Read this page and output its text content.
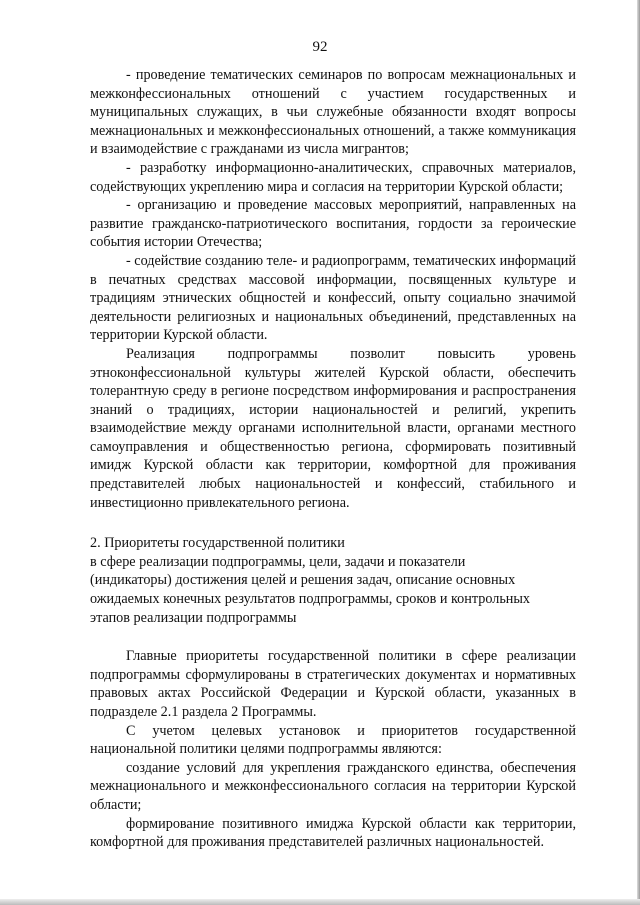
92

- проведение тематических семинаров по вопросам межнациональных и межконфессиональных отношений с участием государственных и муниципальных служащих, в чьи служебные обязанности входят вопросы межнациональных и межконфессиональных отношений, а также коммуникация и взаимодействие с гражданами из числа мигрантов;

- разработку информационно-аналитических, справочных материалов, содействующих укреплению мира и согласия на территории Курской области;

- организацию и проведение массовых мероприятий, направленных на развитие гражданско-патриотического воспитания, гордости за героические события истории Отечества;

- содействие созданию теле- и радиопрограмм, тематических информаций в печатных средствах массовой информации, посвященных культуре и традициям этнических общностей и конфессий, опыту социально значимой деятельности религиозных и национальных объединений, представленных на территории Курской области.

Реализация подпрограммы позволит повысить уровень этноконфессиональной культуры жителей Курской области, обеспечить толерантную среду в регионе посредством информирования и распространения знаний о традициях, истории национальностей и религий, укрепить взаимодействие между органами исполнительной власти, органами местного самоуправления и общественностью региона, сформировать позитивный имидж Курской области как территории, комфортной для проживания представителей любых национальностей и конфессий, стабильного и инвестиционно привлекательного региона.

2. Приоритеты государственной политики
в сфере реализации подпрограммы, цели, задачи и показатели
(индикаторы) достижения целей и решения задач, описание основных
ожидаемых конечных результатов подпрограммы, сроков и контрольных
этапов реализации подпрограммы

Главные приоритеты государственной политики в сфере реализации подпрограммы сформулированы в стратегических документах и нормативных правовых актах Российской Федерации и Курской области, указанных в подразделе 2.1 раздела 2 Программы.

С учетом целевых установок и приоритетов государственной национальной политики целями подпрограммы являются:

создание условий для укрепления гражданского единства, обеспечения межнационального и межконфессионального согласия на территории Курской области;

формирование позитивного имиджа Курской области как территории, комфортной для проживания представителей различных национальностей.
